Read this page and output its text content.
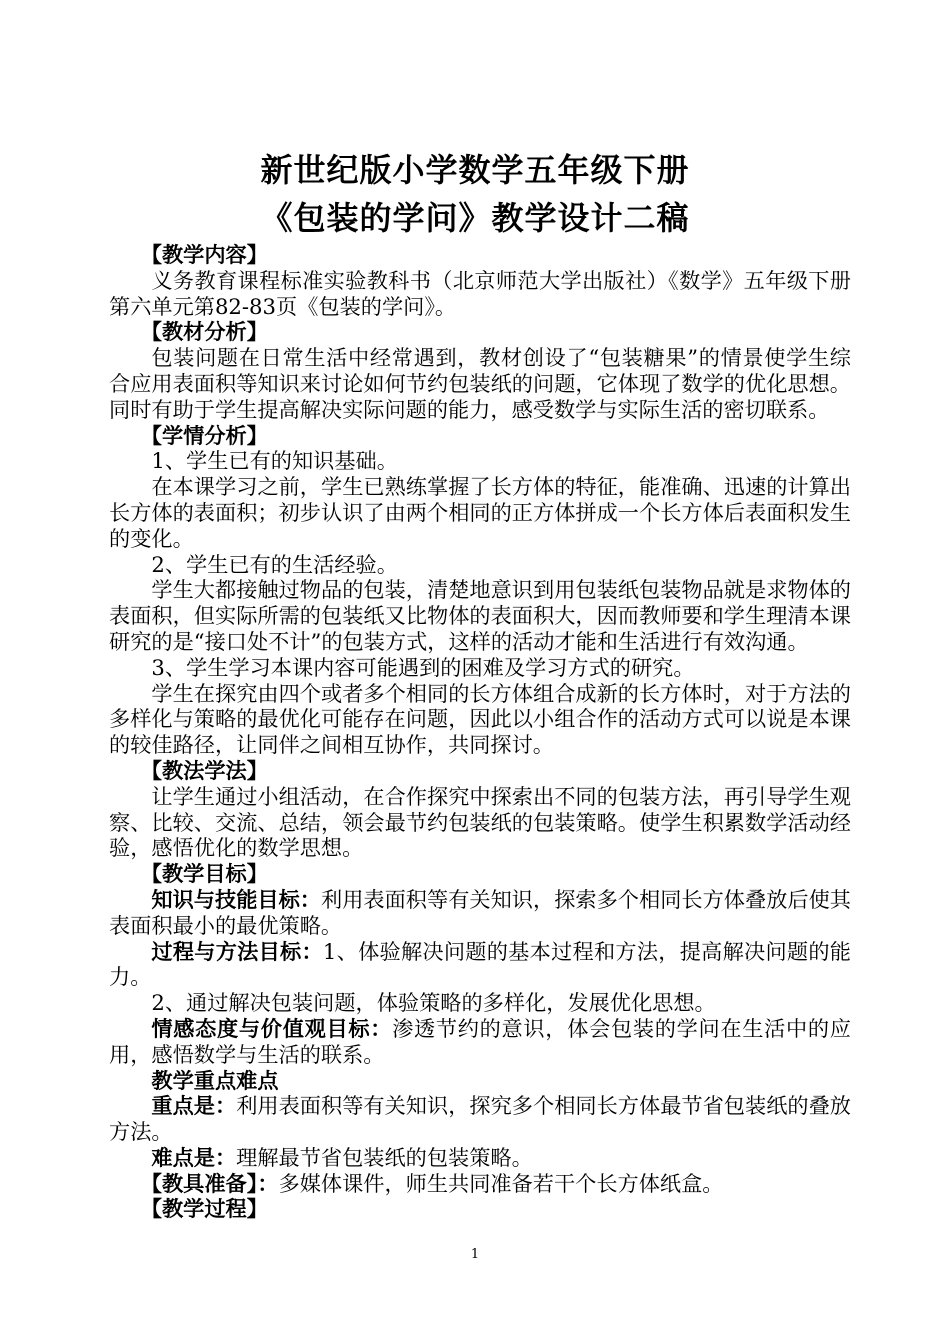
新世纪版小学数学五年级下册
《包装的学问》教学设计二稿

【教学内容】

义务教育课程标准实验教科书（北京师范大学出版社）《数学》五年级下册第六单元第82-83页《包装的学问》。

【教材分析】

包装问题在日常生活中经常遇到，教材创设了“包装糖果”的情景使学生综合应用表面积等知识来讨论如何节约包装纸的问题，它体现了数学的优化思想。同时有助于学生提高解决实际问题的能力，感受数学与实际生活的密切联系。

【学情分析】

1、学生已有的知识基础。

在本课学习之前，学生已熟练掌握了长方体的特征，能准确、迅速的计算出长方体的表面积；初步认识了由两个相同的正方体拼成一个长方体后表面积发生的变化。

2、学生已有的生活经验。

学生大都接触过物品的包装，清楚地意识到用包装纸包装物品就是求物体的表面积，但实际所需的包装纸又比物体的表面积大，因而教师要和学生理清本课研究的是“接口处不计”的包装方式，这样的活动才能和生活进行有效沟通。

3、学生学习本课内容可能遇到的困难及学习方式的研究。

学生在探究由四个或者多个相同的长方体组合成新的长方体时，对于方法的多样化与策略的最优化可能存在问题，因此以小组合作的活动方式可以说是本课的较佳路径，让同伴之间相互协作，共同探讨。

【教法学法】

让学生通过小组活动，在合作探究中探索出不同的包装方法，再引导学生观察、比较、交流、总结，领会最节约包装纸的包装策略。使学生积累数学活动经验，感悟优化的数学思想。

【教学目标】

知识与技能目标：利用表面积等有关知识，探索多个相同长方体叠放后使其表面积最小的最优策略。

过程与方法目标：1、体验解决问题的基本过程和方法，提高解决问题的能力。

2、通过解决包装问题，体验策略的多样化，发展优化思想。

情感态度与价值观目标：渗透节约的意识，体会包装的学问在生活中的应用，感悟数学与生活的联系。

教学重点难点

重点是：利用表面积等有关知识，探究多个相同长方体最节省包装纸的叠放方法。

难点是：理解最节省包装纸的包装策略。

【教具准备】：多媒体课件，师生共同准备若干个长方体纸盒。

【教学过程】

1
